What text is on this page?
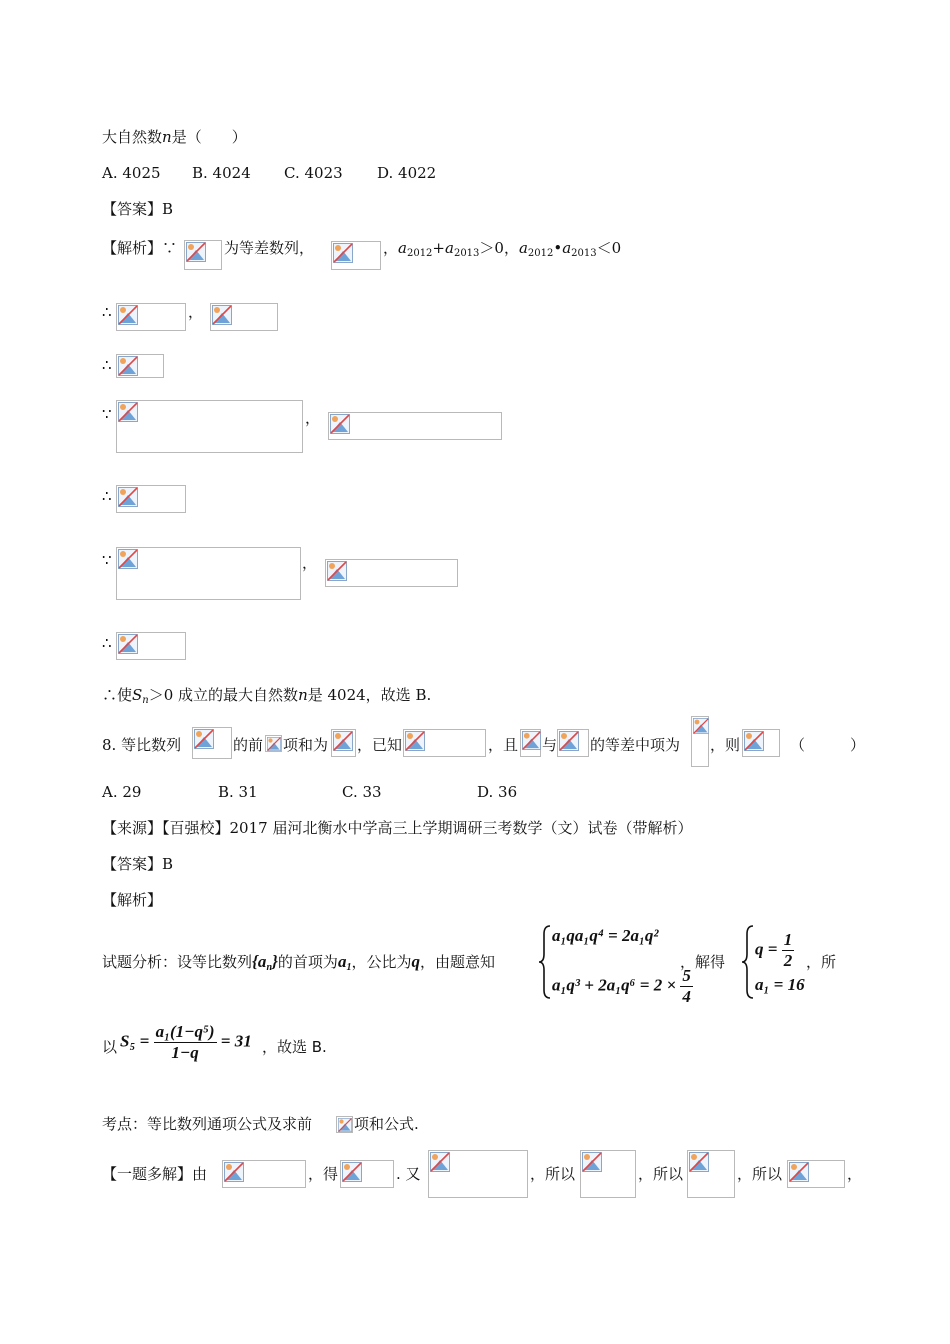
大自然数n是（　　）
A. 4025 B. 4024 C. 4023 D. 4022
【答案】B
【解析】∵	为等差数列，	，$a_{2012}+a_{2013}>0$，$a_{2012}•a_{2013}<0$
∴	，
∴
∵	，
∴
∵	，
∴
∴使$S_n>0$ 成立的最大自然数n是 4024，故选 B.
8. 等比数列	的前 项和为 ，已知	，且 与 的等差中项为 ，则	（　　　）
A. 29	B. 31	C. 33	D. 36
【来源】【百强校】2017 届河北衡水中学高三上学期调研三考数学（文）试卷（带解析）
【答案】B
【解析】
试题分析：设等比数列$\{a_n\}$的首项为$a_1$，公比为q，由题意知
a₁qa₁q⁴ = 2a₁q²
$a_1q^3 + 2a_1q^6 = 2 \times \frac{5}{4}$
，解得
$q = \frac{1}{2}$
a₁ = 16
，所
以 $S_5 = \frac{\text{a₁(1−q⁵)}}{1-q} = 31$ ，故选 B.
考点：等比数列通项公式及求前	项和公式.
【一题多解】由	，得	. 又	，所以	，所以	，所以	，
